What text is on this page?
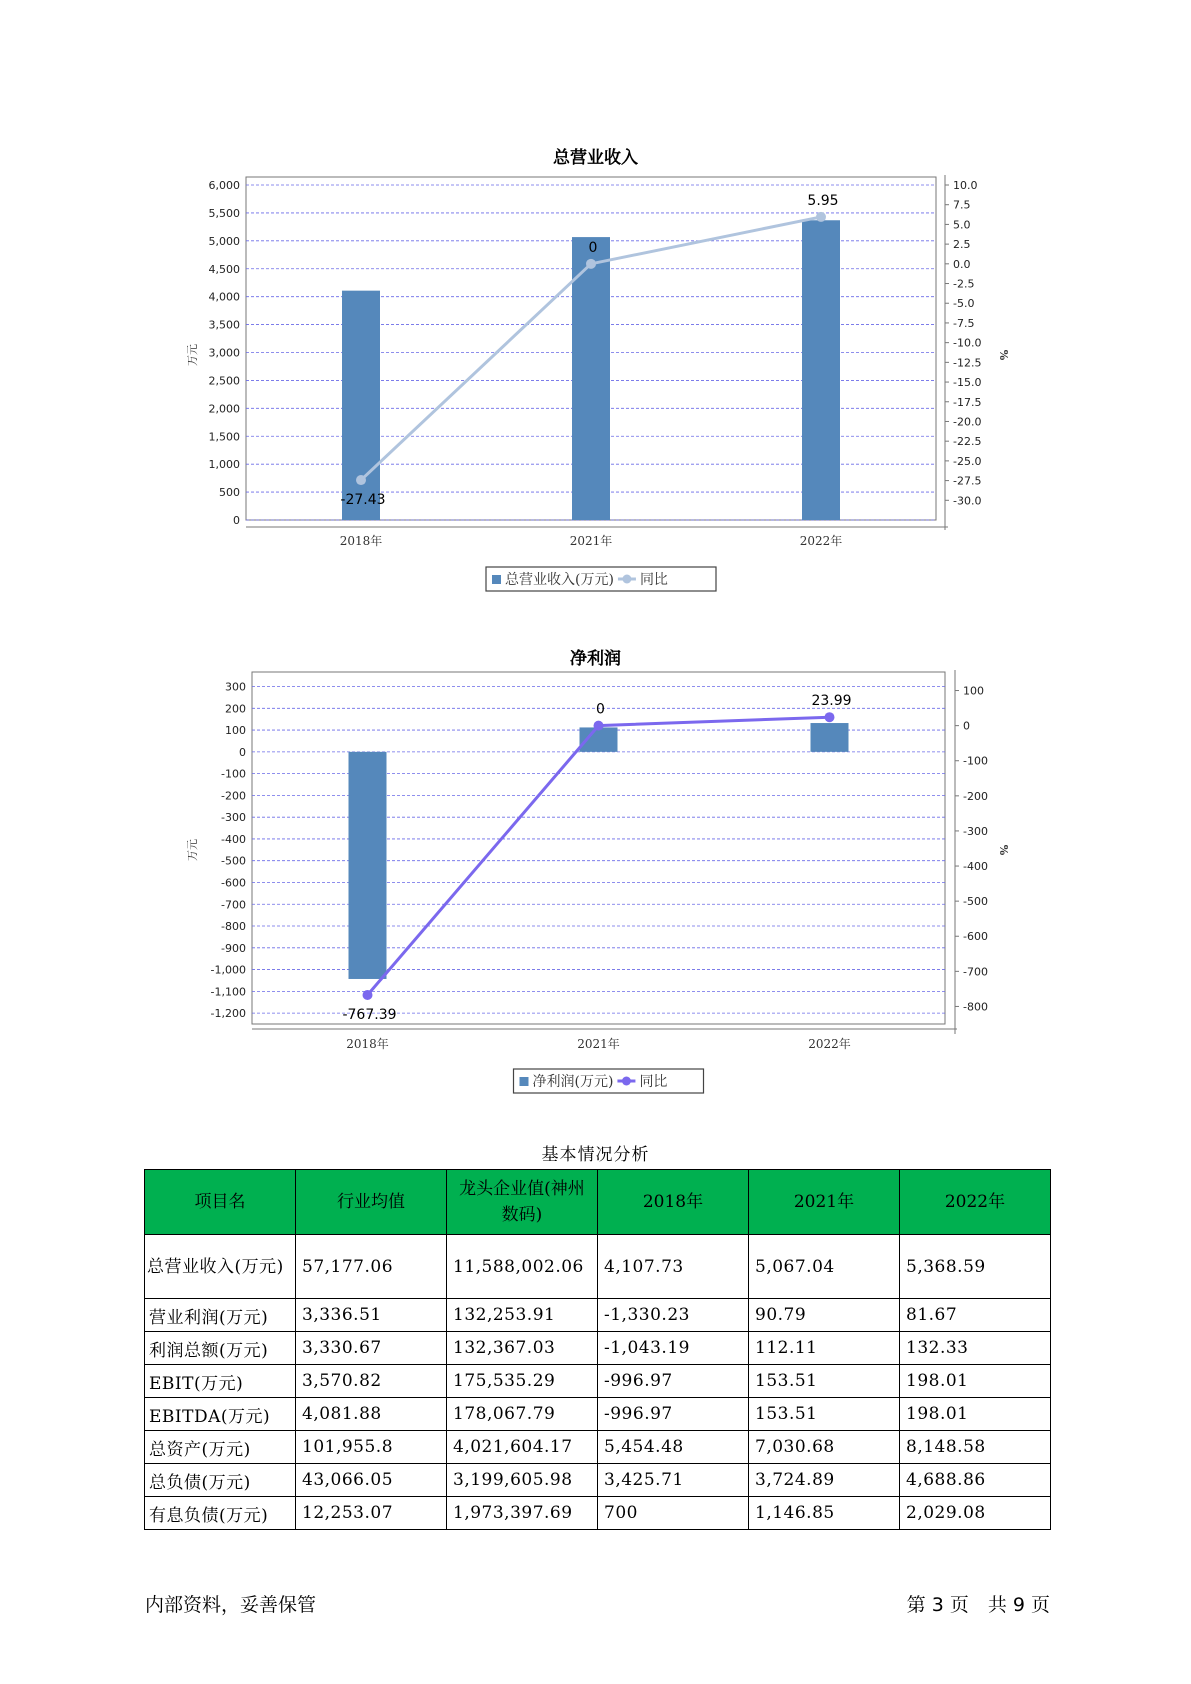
总营业收入
0
500
1,000
1,500
2,000
2,500
3,000
3,500
4,000
4,500
5,000
5,500
6,000
-30.0
-27.5
-25.0
-22.5
-20.0
-17.5
-15.0
-12.5
-10.0
-7.5
-5.0
-2.5
0.0
2.5
5.0
7.5
10.0
万元	%
2018年	2021年	2022年
-27.43
0
5.95
总营业收入(万元) 同比
净利润
-1,200
-1,100
-1,000
-900
-800
-700
-600
-500
-400
-300
-200
-100
0
100
200
300
-800
-700
-600
-500
-400
-300
-200
-100
0
100
万元	%
2018年	2021年	2022年
-767.39
0
23.99
净利润(万元) 同比
基本情况分析
项目名	行业均值	龙头企业值(神州数码)	2018年	2021年	2022年
总营业收入(万元)	57,177.06	11,588,002.06	4,107.73	5,067.04	5,368.59
营业利润(万元)	3,336.51	132,253.91	-1,330.23	90.79	81.67
利润总额(万元)	3,330.67	132,367.03	-1,043.19	112.11	132.33
EBIT(万元)	3,570.82	175,535.29	-996.97	153.51	198.01
EBITDA(万元)	4,081.88	178,067.79	-996.97	153.51	198.01
总资产(万元)	101,955.8	4,021,604.17	5,454.48	7,030.68	8,148.58
总负债(万元)	43,066.05	3,199,605.98	3,425.71	3,724.89	4,688.86
有息负债(万元)	12,253.07	1,973,397.69	700	1,146.85	2,029.08
内部资料，妥善保管	第 3 页　共 9 页
